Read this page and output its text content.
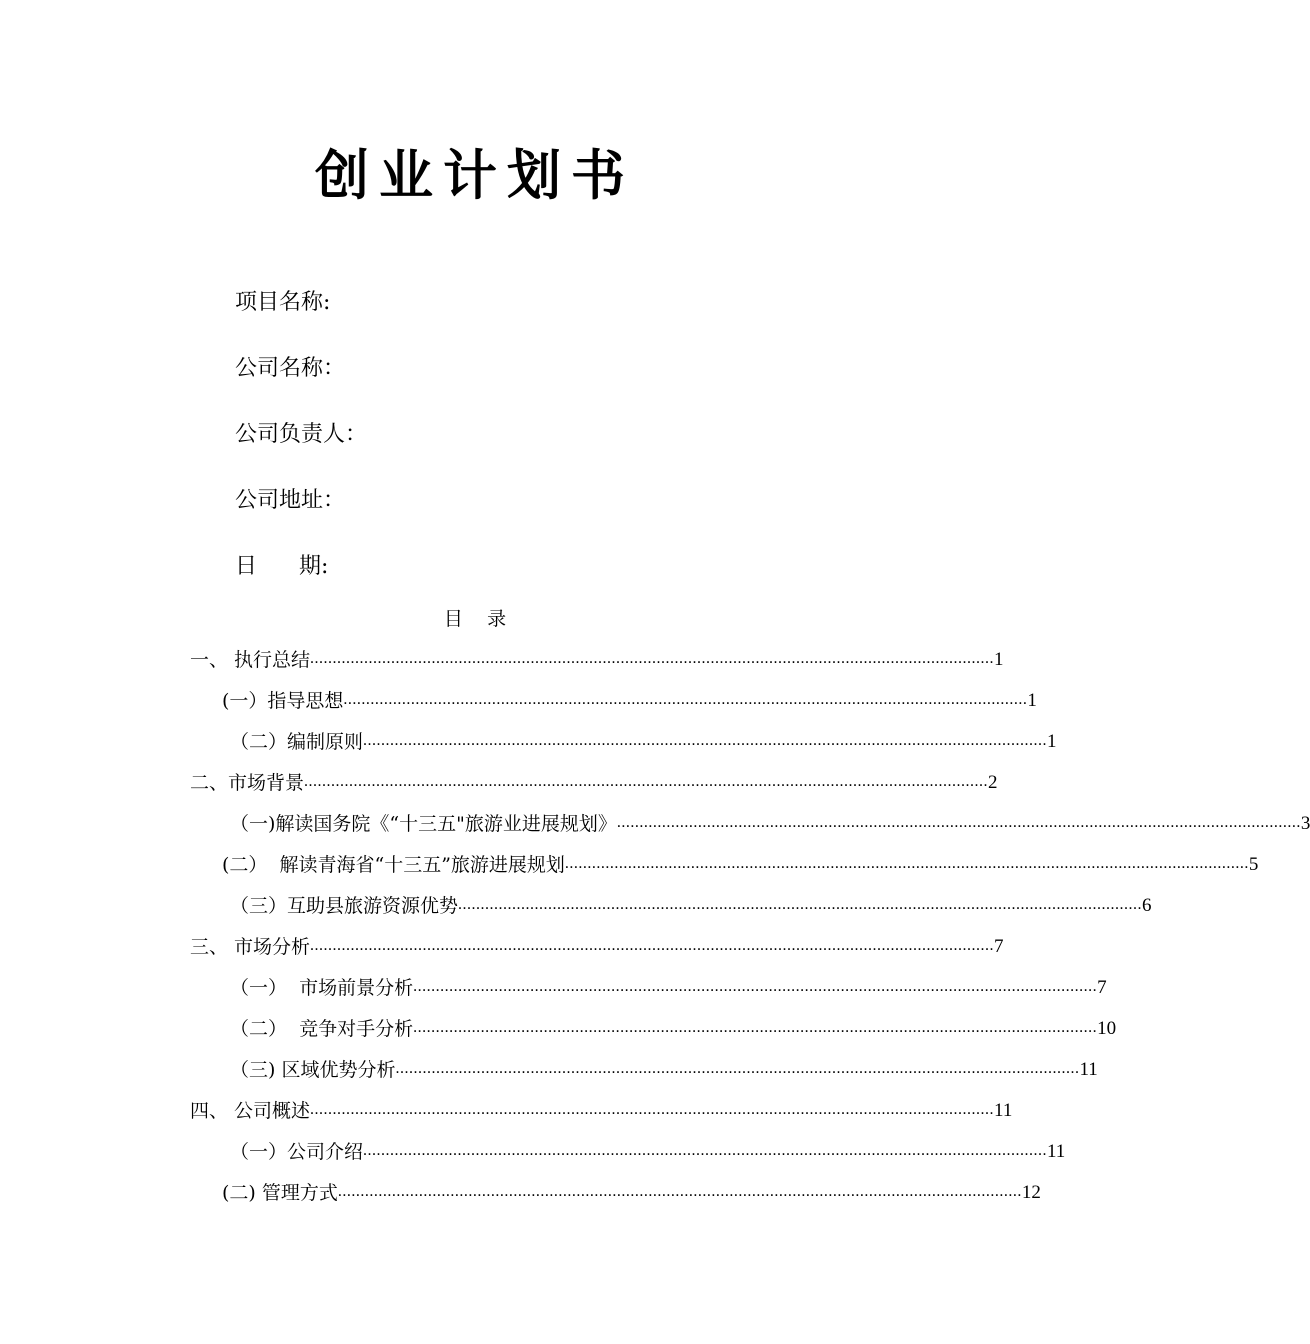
创业计划书
项目名称:
公司名称：
公司负责人：
公司地址：
日      期:
目    录
一、 执行总结 ........................................................................................................................................................ 1
(一）指导思想 ........................................................................................................................................................ 1
（二）编制原则 ........................................................................................................................................................ 1
二、市场背景 ........................................................................................................................................................ 2
（一)解读国务院《“十三五"旅游业进展规划》 ........................................................................................................................................................ 3
(二）  解读青海省“十三五”旅游进展规划 ........................................................................................................................................................ 5
（三）互助县旅游资源优势 ........................................................................................................................................................ 6
三、 市场分析 ........................................................................................................................................................ 7
（一）  市场前景分析 ........................................................................................................................................................ 7
（二）  竞争对手分析 ........................................................................................................................................................ 10
（三) 区域优势分析 ........................................................................................................................................................ 11
四、 公司概述 ........................................................................................................................................................ 11
（一）公司介绍 ........................................................................................................................................................ 11
(二) 管理方式 ........................................................................................................................................................ 12
